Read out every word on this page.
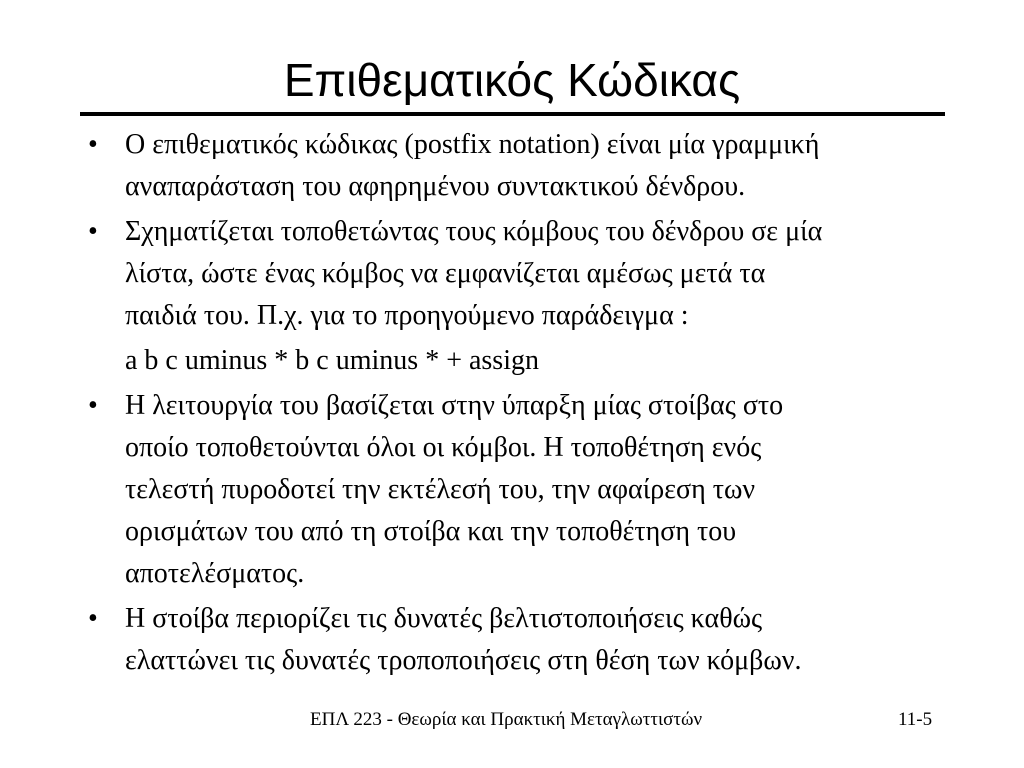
Επιθεματικός Κώδικας
• Ο επιθεματικός κώδικας (postfix notation) είναι μία γραμμική
αναπαράσταση του αφηρημένου συντακτικού δένδρου.
• Σχηματίζεται τοποθετώντας τους κόμβους του δένδρου σε μία
λίστα, ώστε ένας κόμβος να εμφανίζεται αμέσως μετά τα
παιδιά του. Π.χ. για το προηγούμενο παράδειγμα :
a b c uminus * b c uminus * + assign
• Η λειτουργία του βασίζεται στην ύπαρξη μίας στοίβας στο
οποίο τοποθετούνται όλοι οι κόμβοι. Η τοποθέτηση ενός
τελεστή πυροδοτεί την εκτέλεσή του, την αφαίρεση των
ορισμάτων του από τη στοίβα και την τοποθέτηση του
αποτελέσματος.
• Η στοίβα περιορίζει τις δυνατές βελτιστοποιήσεις καθώς
ελαττώνει τις δυνατές τροποποιήσεις στη θέση των κόμβων.
ΕΠΛ 223 - Θεωρία και Πρακτική Μεταγλωττιστών	11-5
